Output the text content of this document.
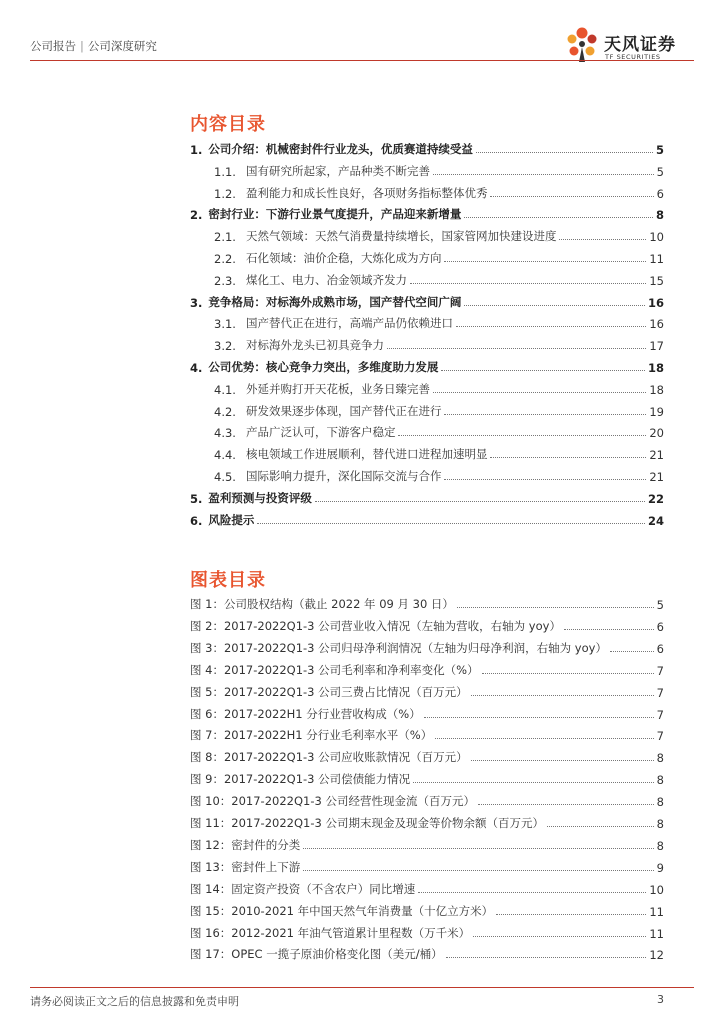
公司报告 | 公司深度研究	天风证券
TF SECURITIES
内容目录
1. 公司介绍：机械密封件行业龙头，优质赛道持续受益	5
1.1. 国有研究所起家，产品种类不断完善	5
1.2. 盈利能力和成长性良好，各项财务指标整体优秀	6
2. 密封行业：下游行业景气度提升，产品迎来新增量	8
2.1. 天然气领域：天然气消费量持续增长，国家管网加快建设进度	10
2.2. 石化领域：油价企稳，大炼化成为方向	11
2.3. 煤化工、电力、冶金领域齐发力	15
3. 竞争格局：对标海外成熟市场，国产替代空间广阔	16
3.1. 国产替代正在进行，高端产品仍依赖进口	16
3.2. 对标海外龙头已初具竞争力	17
4. 公司优势：核心竞争力突出，多维度助力发展	18
4.1. 外延并购打开天花板，业务日臻完善	18
4.2. 研发效果逐步体现，国产替代正在进行	19
4.3. 产品广泛认可，下游客户稳定	20
4.4. 核电领域工作进展顺利，替代进口进程加速明显	21
4.5. 国际影响力提升，深化国际交流与合作	21
5. 盈利预测与投资评级	22
6. 风险提示	24
图表目录
图 1：公司股权结构（截止 2022 年 09 月 30 日）	5
图 2：2017-2022Q1-3 公司营业收入情况（左轴为营收，右轴为 yoy）	6
图 3：2017-2022Q1-3 公司归母净利润情况（左轴为归母净利润，右轴为 yoy）	6
图 4：2017-2022Q1-3 公司毛利率和净利率变化（%）	7
图 5：2017-2022Q1-3 公司三费占比情况（百万元）	7
图 6：2017-2022H1 分行业营收构成（%）	7
图 7：2017-2022H1 分行业毛利率水平（%）	7
图 8：2017-2022Q1-3 公司应收账款情况（百万元）	8
图 9：2017-2022Q1-3 公司偿债能力情况	8
图 10：2017-2022Q1-3 公司经营性现金流（百万元）	8
图 11：2017-2022Q1-3 公司期末现金及现金等价物余额（百万元）	8
图 12：密封件的分类	8
图 13：密封件上下游	9
图 14：固定资产投资（不含农户）同比增速	10
图 15：2010-2021 年中国天然气年消费量（十亿立方米）	11
图 16：2012-2021 年油气管道累计里程数（万千米）	11
图 17：OPEC 一揽子原油价格变化图（美元/桶）	12
请务必阅读正文之后的信息披露和免责申明	3
